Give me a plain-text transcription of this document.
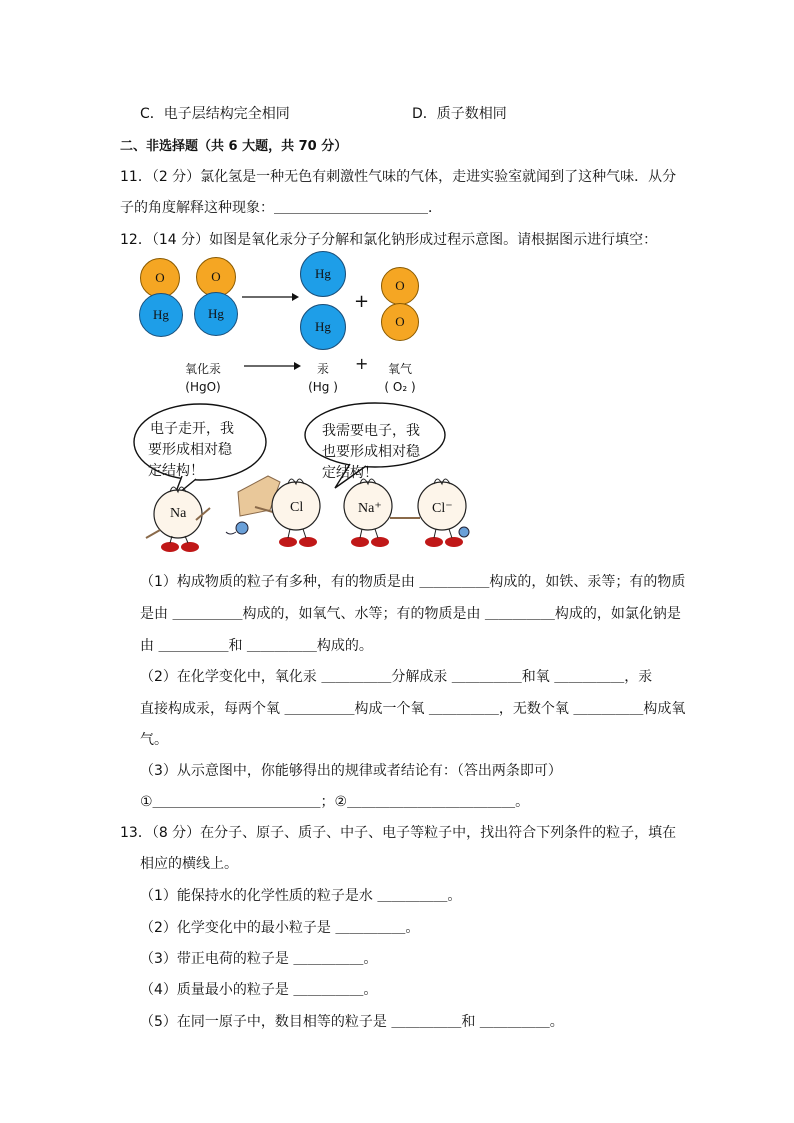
C．电子层结构完全相同	D．质子数相同
二、非选择题（共 6 大题，共 70 分）
11．（2 分）氯化氢是一种无色有刺激性气味的气体，走进实验室就闻到了这种气味．从分
子的角度解释这种现象：＿＿＿＿＿＿＿＿＿＿＿．
12．（14 分）如图是氧化汞分子分解和氯化钠形成过程示意图。请根据图示进行填空：
O
Hg
O
Hg
Hg
Hg
+
O
O
氧化汞
(HgO)
汞
(Hg )
+	氧气
( O₂ )
电子走开，我
要形成相对稳
定结构！
我需要电子，我
也要形成相对稳
定结构！
Na	Cl	Na⁺	Cl⁻
（1）构成物质的粒子有多种，有的物质是由 ＿＿＿＿＿构成的，如铁、汞等；有的物质
是由 ＿＿＿＿＿构成的，如氧气、水等；有的物质是由 ＿＿＿＿＿构成的，如氯化钠是
由 ＿＿＿＿＿和 ＿＿＿＿＿构成的。
（2）在化学变化中，氧化汞 ＿＿＿＿＿分解成汞 ＿＿＿＿＿和氧 ＿＿＿＿＿，汞
直接构成汞，每两个氧 ＿＿＿＿＿构成一个氧 ＿＿＿＿＿，无数个氧 ＿＿＿＿＿构成氧
气。
（3）从示意图中，你能够得出的规律或者结论有：（答出两条即可）
①＿＿＿＿＿＿＿＿＿＿＿＿；②＿＿＿＿＿＿＿＿＿＿＿＿。
13．（8 分）在分子、原子、质子、中子、电子等粒子中，找出符合下列条件的粒子，填在
相应的横线上。
（1）能保持水的化学性质的粒子是水 ＿＿＿＿＿。
（2）化学变化中的最小粒子是 ＿＿＿＿＿。
（3）带正电荷的粒子是 ＿＿＿＿＿。
（4）质量最小的粒子是 ＿＿＿＿＿。
（5）在同一原子中，数目相等的粒子是 ＿＿＿＿＿和 ＿＿＿＿＿。
